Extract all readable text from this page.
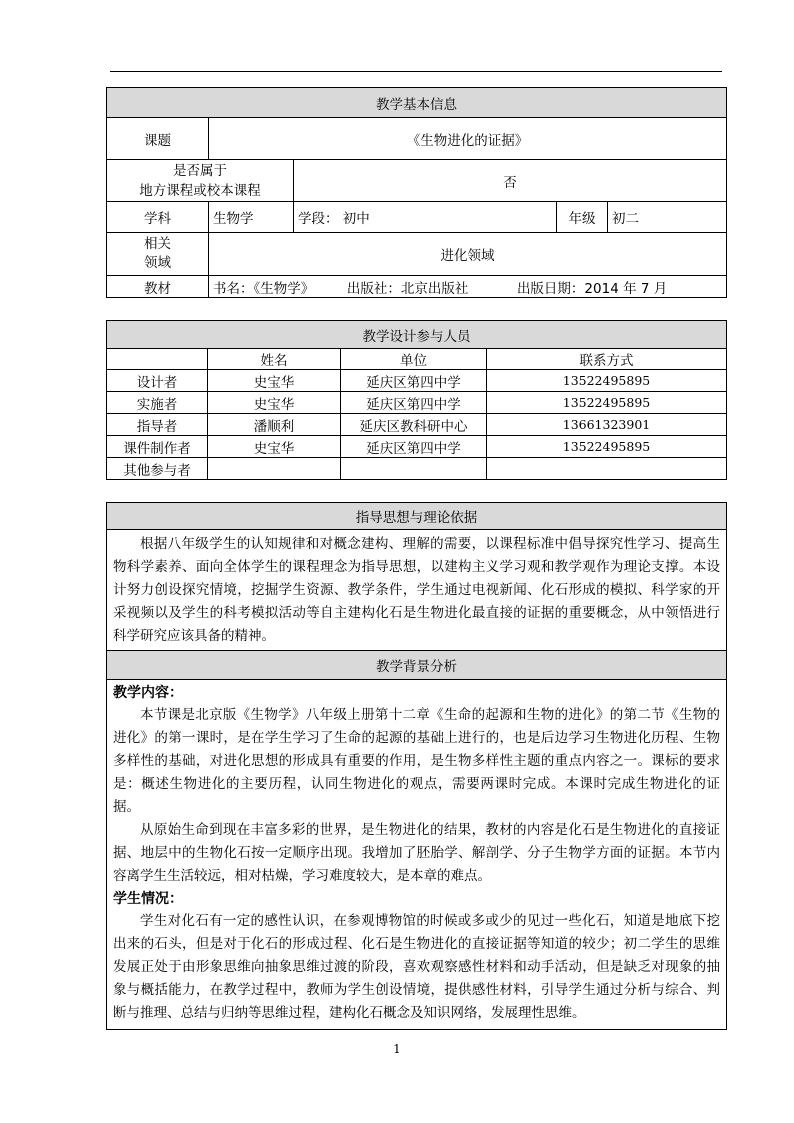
教学基本信息				
课题	《生物进化的证据》			

是否属于
地方课程或校本课程		否		
学科	生物学	学段： 初中	年级	初二

相关
领域	进化领域			
教材	书名：《生物学》 出版社：北京出版社 出版日期：2014 年 7 月			
教学设计参与人员			
	姓名	单位	联系方式
设计者	史宝华	延庆区第四中学	13522495895
实施者	史宝华	延庆区第四中学	13522495895
指导者	潘顺利	延庆区教科研中心	13661323901
课件制作者	史宝华	延庆区第四中学	13522495895
其他参与者			
指导思想与理论依据

根据八年级学生的认知规律和对概念建构、理解的需要，以课程标准中倡导探究性学习、提高生物科学素养、面向全体学生的课程理念为指导思想，以建构主义学习观和教学观作为理论支撑。本设计努力创设探究情境，挖掘学生资源、教学条件，学生通过电视新闻、化石形成的模拟、科学家的开采视频以及学生的科考模拟活动等自主建构化石是生物进化最直接的证据的重要概念，从中领悟进行科学研究应该具备的精神。

教学背景分析

教学内容：

本节课是北京版《生物学》八年级上册第十二章《生命的起源和生物的进化》的第二节《生物的进化》的第一课时，是在学生学习了生命的起源的基础上进行的，也是后边学习生物进化历程、生物多样性的基础，对进化思想的形成具有重要的作用，是生物多样性主题的重点内容之一。课标的要求是：概述生物进化的主要历程，认同生物进化的观点，需要两课时完成。本课时完成生物进化的证据。

从原始生命到现在丰富多彩的世界，是生物进化的结果，教材的内容是化石是生物进化的直接证据、地层中的生物化石按一定顺序出现。我增加了胚胎学、解剖学、分子生物学方面的证据。本节内容离学生生活较远，相对枯燥，学习难度较大，是本章的难点。

学生情况：

学生对化石有一定的感性认识，在参观博物馆的时候或多或少的见过一些化石，知道是地底下挖出来的石头，但是对于化石的形成过程、化石是生物进化的直接证据等知道的较少；初二学生的思维发展正处于由形象思维向抽象思维过渡的阶段，喜欢观察感性材料和动手活动，但是缺乏对现象的抽象与概括能力，在教学过程中，教师为学生创设情境，提供感性材料，引导学生通过分析与综合、判断与推理、总结与归纳等思维过程，建构化石概念及知识网络，发展理性思维。

1
